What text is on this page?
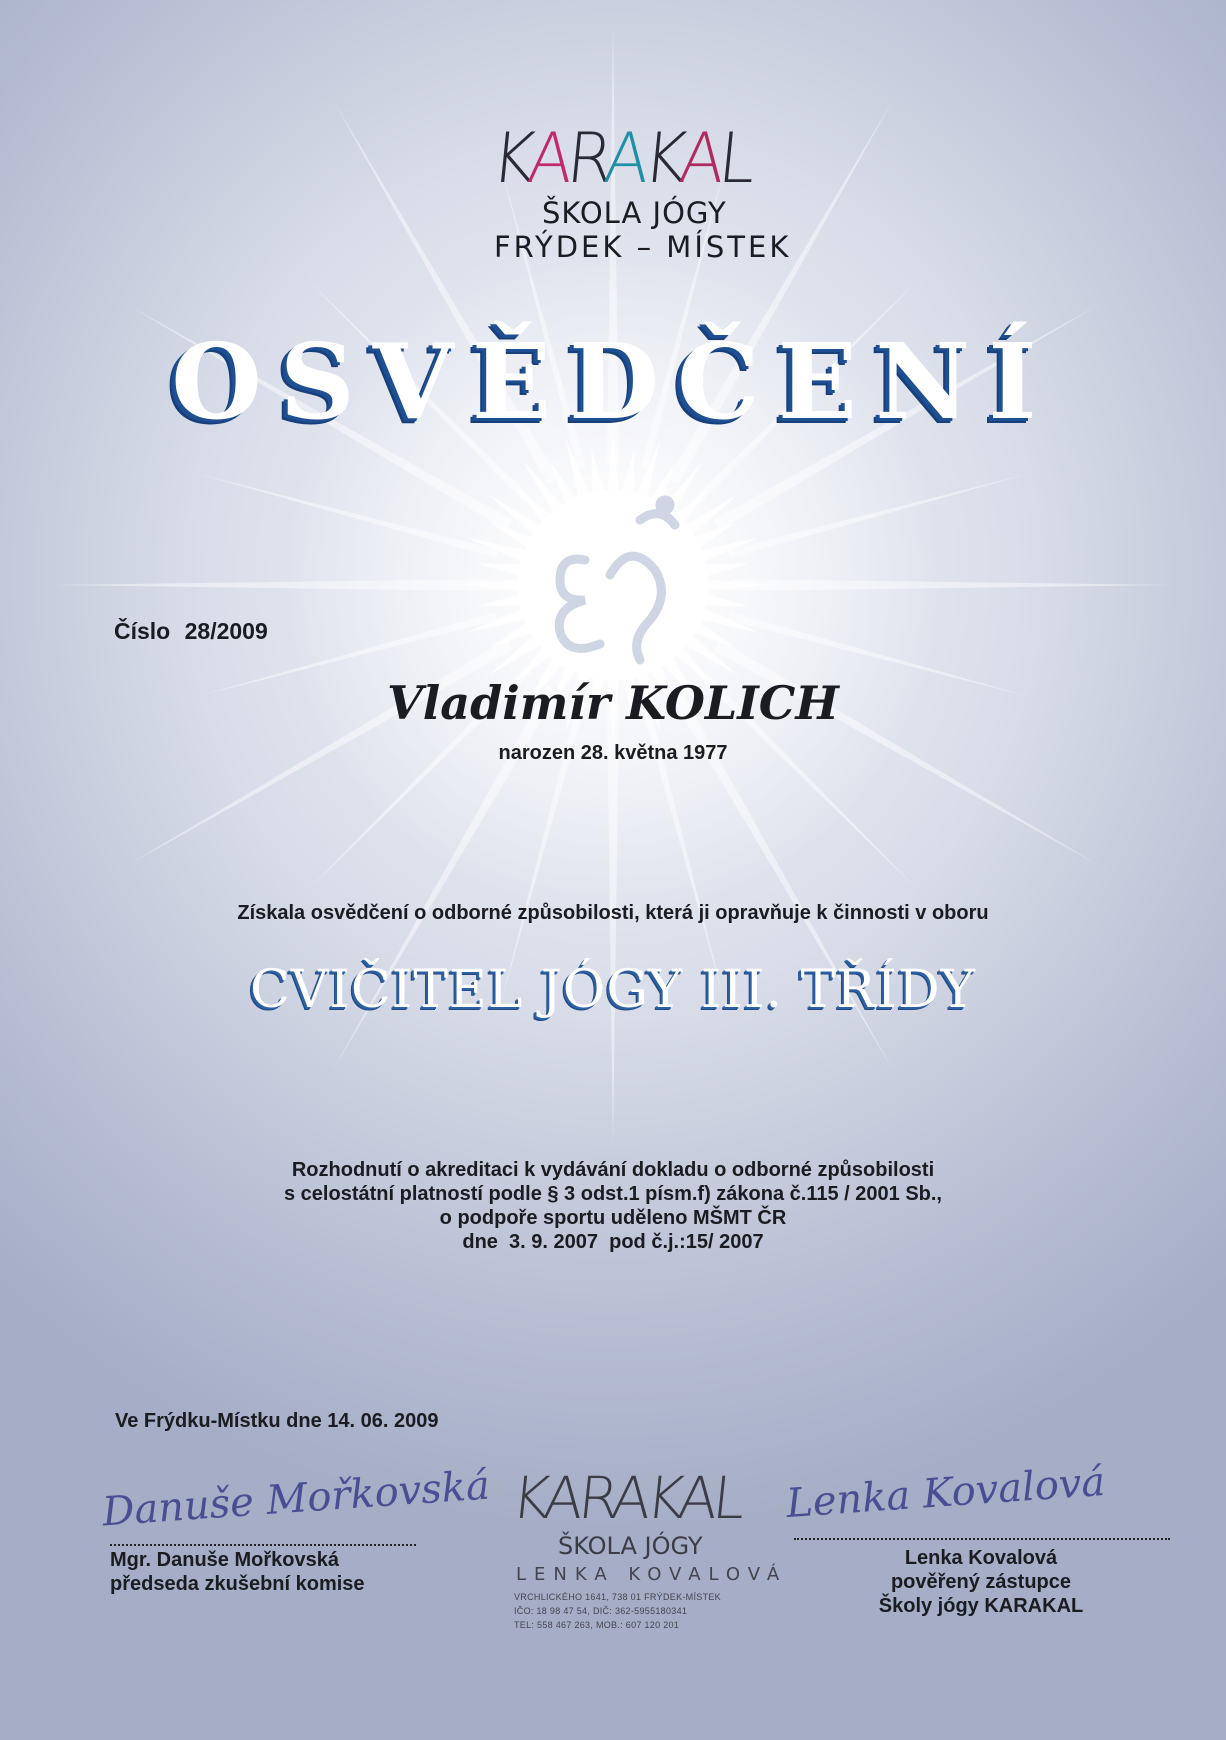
KARAKAL
ŠKOLA JÓGY
FRÝDEK – MÍSTEK
OSVĚDČENÍ
Číslo 28/2009
Vladimír KOLICH
narozen 28. května 1977
Získala osvědčení o odborné způsobilosti, která ji opravňuje k činnosti v oboru
CVIČITEL JÓGY III. TŘÍDY
Rozhodnutí o akreditaci k vydávání dokladu o odborné způsobilosti
s celostátní platností podle § 3 odst.1 písm.f) zákona č.115 / 2001 Sb.,
o podpoře sportu uděleno MŠMT ČR
dne  3. 9. 2007  pod č.j.:15/ 2007
Ve Frýdku-Místku dne 14. 06. 2009
Danuše Mořkovská
Mgr. Danuše Mořkovská
předseda zkušební komise
KARAKAL
ŠKOLA JÓGY
LENKA KOVALOVÁ
VRCHLICKÉHO 1641, 738 01 FRÝDEK-MÍSTEK
IČO: 18 98 47 54, DIČ: 362-5955180341
TEL: 558 467 263, MOB.: 607 120 201
Lenka Kovalová
Lenka Kovalová
pověřený zástupce
Školy jógy KARAKAL
